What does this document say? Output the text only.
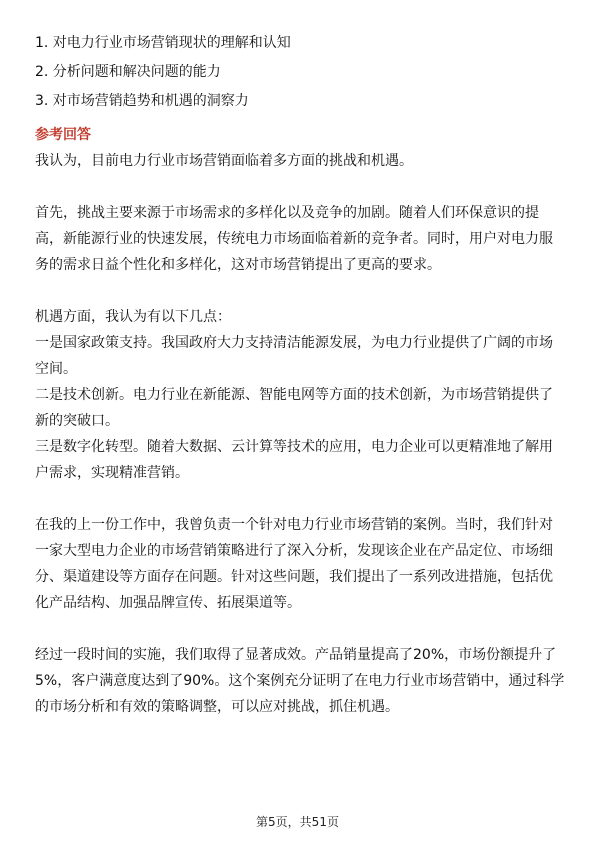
1. 对电力行业市场营销现状的理解和认知
2. 分析问题和解决问题的能力
3. 对市场营销趋势和机遇的洞察力
参考回答

我认为，目前电力行业市场营销面临着多方面的挑战和机遇。

首先，挑战主要来源于市场需求的多样化以及竞争的加剧。随着人们环保意识的提高，新能源行业的快速发展，传统电力市场面临着新的竞争者。同时，用户对电力服务的需求日益个性化和多样化，这对市场营销提出了更高的要求。

机遇方面，我认为有以下几点：

一是国家政策支持。我国政府大力支持清洁能源发展，为电力行业提供了广阔的市场空间。

二是技术创新。电力行业在新能源、智能电网等方面的技术创新，为市场营销提供了新的突破口。

三是数字化转型。随着大数据、云计算等技术的应用，电力企业可以更精准地了解用户需求，实现精准营销。

在我的上一份工作中，我曾负责一个针对电力行业市场营销的案例。当时，我们针对一家大型电力企业的市场营销策略进行了深入分析，发现该企业在产品定位、市场细分、渠道建设等方面存在问题。针对这些问题，我们提出了一系列改进措施，包括优化产品结构、加强品牌宣传、拓展渠道等。

经过一段时间的实施，我们取得了显著成效。产品销量提高了20%，市场份额提升了5%，客户满意度达到了90%。这个案例充分证明了在电力行业市场营销中，通过科学的市场分析和有效的策略调整，可以应对挑战，抓住机遇。

第5页，共51页
